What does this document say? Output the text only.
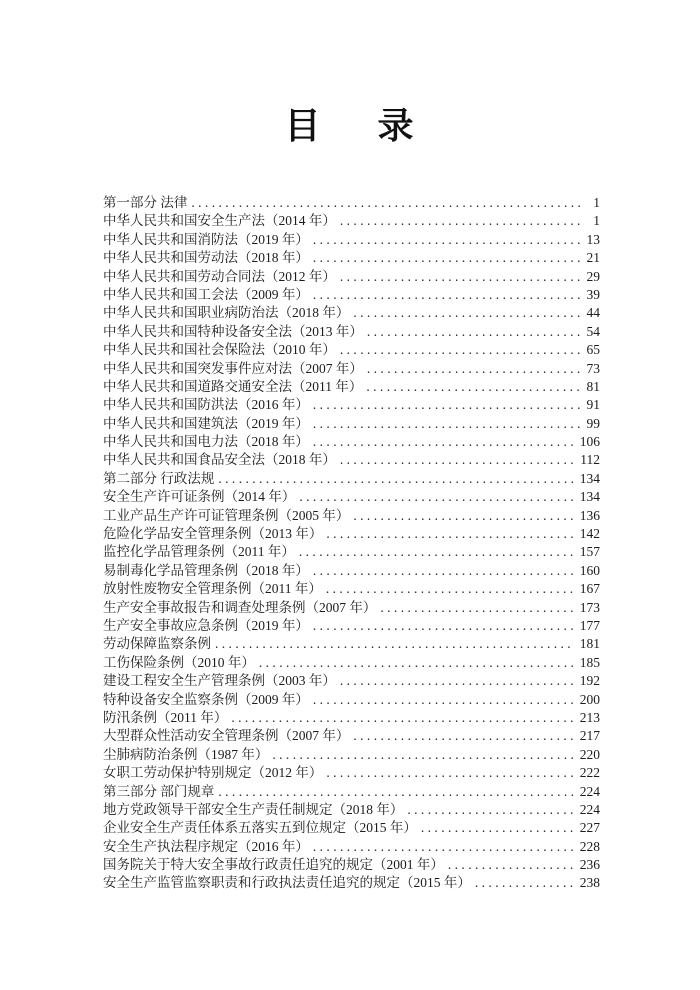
目     录
第一部分 法律 .....	1
中华人民共和国安全生产法（2014 年） .....	1
中华人民共和国消防法（2019 年） .....	13
中华人民共和国劳动法（2018 年） .....	21
中华人民共和国劳动合同法（2012 年） .....	29
中华人民共和国工会法（2009 年） .....	39
中华人民共和国职业病防治法（2018 年） .....	44
中华人民共和国特种设备安全法（2013 年） .....	54
中华人民共和国社会保险法（2010 年） .....	65
中华人民共和国突发事件应对法（2007 年） .....	73
中华人民共和国道路交通安全法（2011 年） .....	81
中华人民共和国防洪法（2016 年） .....	91
中华人民共和国建筑法（2019 年） .....	99
中华人民共和国电力法（2018 年） .....	106
中华人民共和国食品安全法（2018 年） .....	112
第二部分 行政法规 .....	134
安全生产许可证条例（2014 年） .....	134
工业产品生产许可证管理条例（2005 年） .....	136
危险化学品安全管理条例（2013 年） .....	142
监控化学品管理条例（2011 年） .....	157
易制毒化学品管理条例（2018 年） .....	160
放射性废物安全管理条例（2011 年） .....	167
生产安全事故报告和调查处理条例（2007 年） .....	173
生产安全事故应急条例（2019 年） .....	177
劳动保障监察条例 .....	181
工伤保险条例（2010 年） .....	185
建设工程安全生产管理条例（2003 年） .....	192
特种设备安全监察条例（2009 年） .....	200
防汛条例（2011 年） .....	213
大型群众性活动安全管理条例（2007 年） .....	217
尘肺病防治条例（1987 年） .....	220
女职工劳动保护特别规定（2012 年） .....	222
第三部分 部门规章 .....	224
地方党政领导干部安全生产责任制规定（2018 年） .....	224
企业安全生产责任体系五落实五到位规定（2015 年） .....	227
安全生产执法程序规定（2016 年） .....	228
国务院关于特大安全事故行政责任追究的规定（2001 年） .....	236
安全生产监管监察职责和行政执法责任追究的规定（2015 年） .....	238
